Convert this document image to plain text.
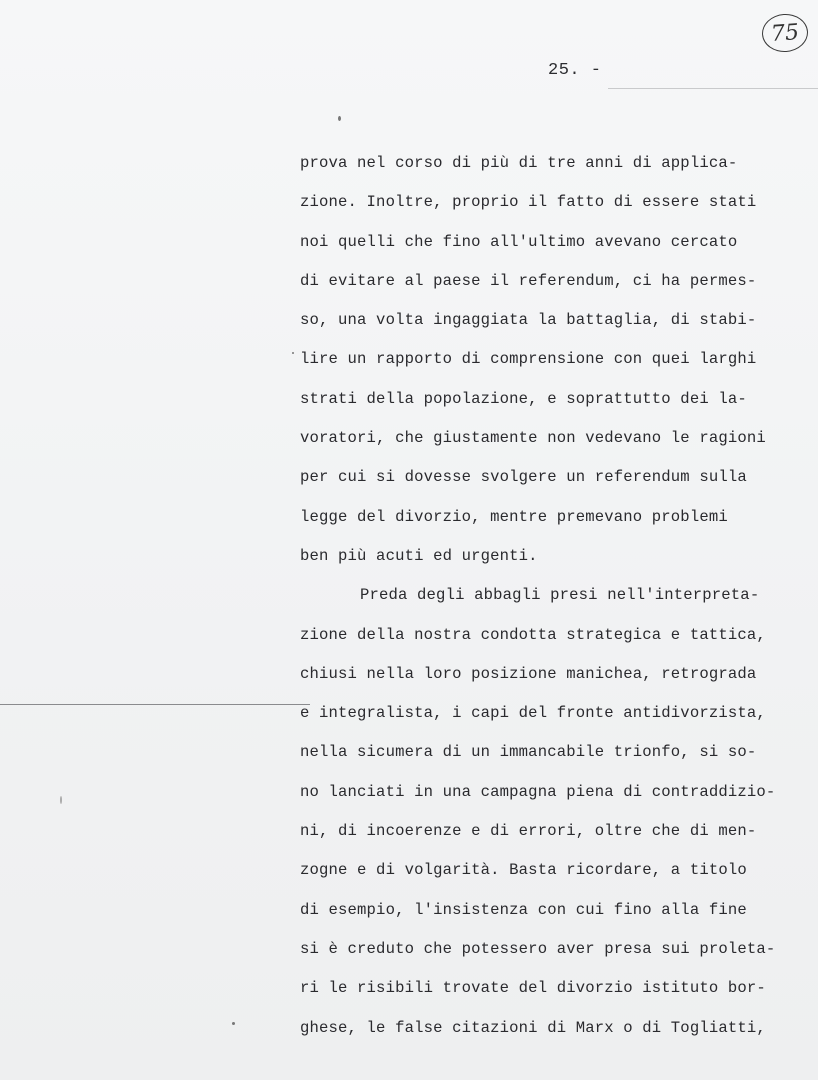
75
25. -
prova nel corso di più di tre anni di applica-
zione. Inoltre, proprio il fatto di essere stati
noi quelli che fino all'ultimo avevano cercato
di evitare al paese il referendum, ci ha permes-
so, una volta ingaggiata la battaglia, di stabi-
lire un rapporto di comprensione con quei larghi
strati della popolazione, e soprattutto dei la-
voratori, che giustamente non vedevano le ragioni
per cui si dovesse svolgere un referendum sulla
legge del divorzio, mentre premevano problemi
ben più acuti ed urgenti.
Preda degli abbagli presi nell'interpreta-
zione della nostra condotta strategica e tattica,
chiusi nella loro posizione manichea, retrograda
e integralista, i capi del fronte antidivorzista,
nella sicumera di un immancabile trionfo, si so-
no lanciati in una campagna piena di contraddizio-
ni, di incoerenze e di errori, oltre che di men-
zogne e di volgarità. Basta ricordare, a titolo
di esempio, l'insistenza con cui fino alla fine
si è creduto che potessero aver presa sui proleta-
ri le risibili trovate del divorzio istituto bor-
ghese, le false citazioni di Marx o di Togliatti,
